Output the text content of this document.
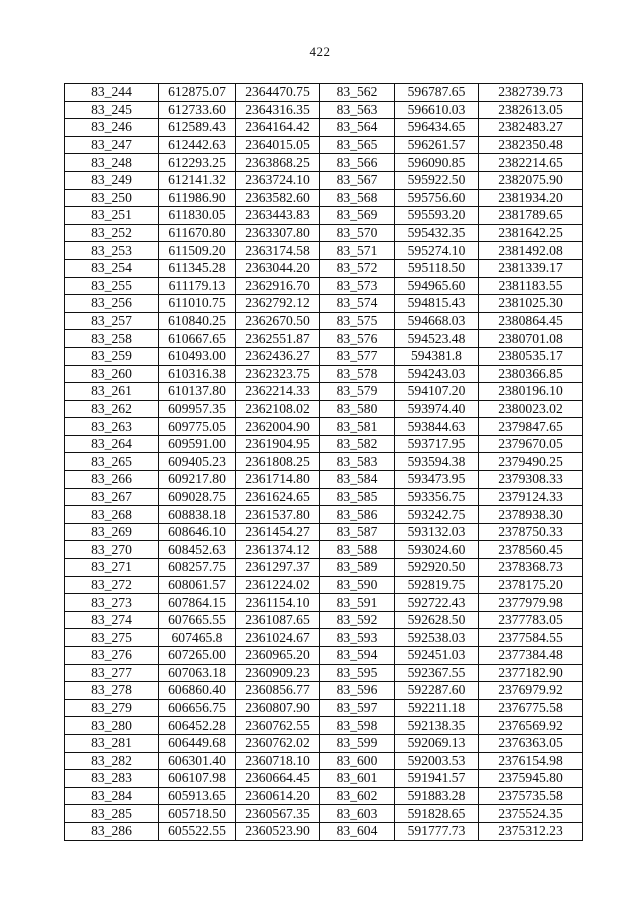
422
83_244	612875.07	2364470.75	83_562	596787.65	2382739.73
83_245	612733.60	2364316.35	83_563	596610.03	2382613.05
83_246	612589.43	2364164.42	83_564	596434.65	2382483.27
83_247	612442.63	2364015.05	83_565	596261.57	2382350.48
83_248	612293.25	2363868.25	83_566	596090.85	2382214.65
83_249	612141.32	2363724.10	83_567	595922.50	2382075.90
83_250	611986.90	2363582.60	83_568	595756.60	2381934.20
83_251	611830.05	2363443.83	83_569	595593.20	2381789.65
83_252	611670.80	2363307.80	83_570	595432.35	2381642.25
83_253	611509.20	2363174.58	83_571	595274.10	2381492.08
83_254	611345.28	2363044.20	83_572	595118.50	2381339.17
83_255	611179.13	2362916.70	83_573	594965.60	2381183.55
83_256	611010.75	2362792.12	83_574	594815.43	2381025.30
83_257	610840.25	2362670.50	83_575	594668.03	2380864.45
83_258	610667.65	2362551.87	83_576	594523.48	2380701.08
83_259	610493.00	2362436.27	83_577	594381.8	2380535.17
83_260	610316.38	2362323.75	83_578	594243.03	2380366.85
83_261	610137.80	2362214.33	83_579	594107.20	2380196.10
83_262	609957.35	2362108.02	83_580	593974.40	2380023.02
83_263	609775.05	2362004.90	83_581	593844.63	2379847.65
83_264	609591.00	2361904.95	83_582	593717.95	2379670.05
83_265	609405.23	2361808.25	83_583	593594.38	2379490.25
83_266	609217.80	2361714.80	83_584	593473.95	2379308.33
83_267	609028.75	2361624.65	83_585	593356.75	2379124.33
83_268	608838.18	2361537.80	83_586	593242.75	2378938.30
83_269	608646.10	2361454.27	83_587	593132.03	2378750.33
83_270	608452.63	2361374.12	83_588	593024.60	2378560.45
83_271	608257.75	2361297.37	83_589	592920.50	2378368.73
83_272	608061.57	2361224.02	83_590	592819.75	2378175.20
83_273	607864.15	2361154.10	83_591	592722.43	2377979.98
83_274	607665.55	2361087.65	83_592	592628.50	2377783.05
83_275	607465.8	2361024.67	83_593	592538.03	2377584.55
83_276	607265.00	2360965.20	83_594	592451.03	2377384.48
83_277	607063.18	2360909.23	83_595	592367.55	2377182.90
83_278	606860.40	2360856.77	83_596	592287.60	2376979.92
83_279	606656.75	2360807.90	83_597	592211.18	2376775.58
83_280	606452.28	2360762.55	83_598	592138.35	2376569.92
83_281	606449.68	2360762.02	83_599	592069.13	2376363.05
83_282	606301.40	2360718.10	83_600	592003.53	2376154.98
83_283	606107.98	2360664.45	83_601	591941.57	2375945.80
83_284	605913.65	2360614.20	83_602	591883.28	2375735.58
83_285	605718.50	2360567.35	83_603	591828.65	2375524.35
83_286	605522.55	2360523.90	83_604	591777.73	2375312.23
